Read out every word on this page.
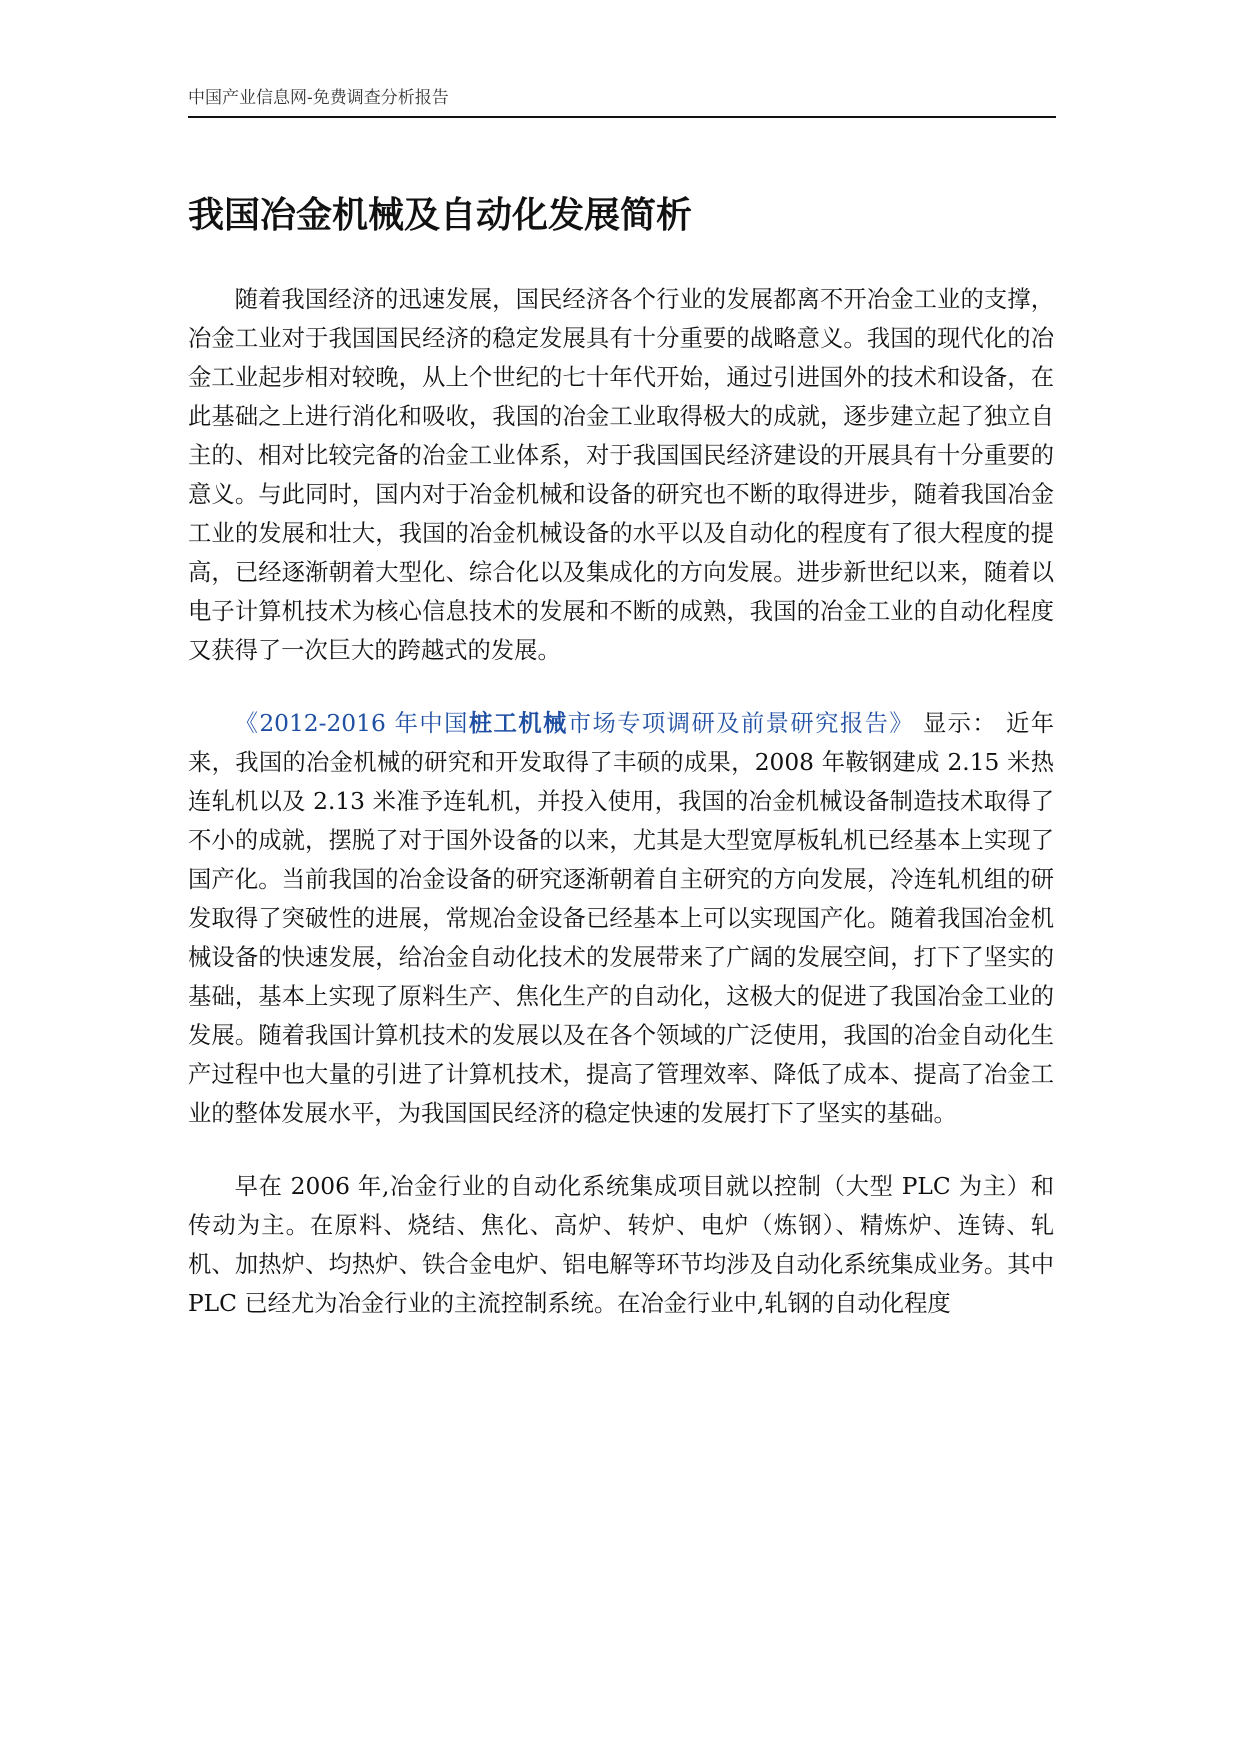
中国产业信息网-免费调查分析报告
我国冶金机械及自动化发展简析

随着我国经济的迅速发展，国民经济各个行业的发展都离不开冶金工业的支撑，冶金工业对于我国国民经济的稳定发展具有十分重要的战略意义。我国的现代化的冶金工业起步相对较晚，从上个世纪的七十年代开始，通过引进国外的技术和设备，在此基础之上进行消化和吸收，我国的冶金工业取得极大的成就，逐步建立起了独立自主的、相对比较完备的冶金工业体系，对于我国国民经济建设的开展具有十分重要的意义。与此同时，国内对于冶金机械和设备的研究也不断的取得进步，随着我国冶金工业的发展和壮大，我国的冶金机械设备的水平以及自动化的程度有了很大程度的提高，已经逐渐朝着大型化、综合化以及集成化的方向发展。进步新世纪以来，随着以电子计算机技术为核心信息技术的发展和不断的成熟，我国的冶金工业的自动化程度又获得了一次巨大的跨越式的发展。

《2012-2016 年中国桩工机械市场专项调研及前景研究报告》 显示： 近年来，我国的冶金机械的研究和开发取得了丰硕的成果，2008 年鞍钢建成 2.15 米热连轧机以及 2.13 米准予连轧机，并投入使用，我国的冶金机械设备制造技术取得了不小的成就，摆脱了对于国外设备的以来，尤其是大型宽厚板轧机已经基本上实现了国产化。当前我国的冶金设备的研究逐渐朝着自主研究的方向发展，冷连轧机组的研发取得了突破性的进展，常规冶金设备已经基本上可以实现国产化。随着我国冶金机械设备的快速发展，给冶金自动化技术的发展带来了广阔的发展空间，打下了坚实的基础，基本上实现了原料生产、焦化生产的自动化，这极大的促进了我国冶金工业的发展。随着我国计算机技术的发展以及在各个领域的广泛使用，我国的冶金自动化生产过程中也大量的引进了计算机技术，提高了管理效率、降低了成本、提高了冶金工业的整体发展水平，为我国国民经济的稳定快速的发展打下了坚实的基础。

早在 2006 年,冶金行业的自动化系统集成项目就以控制（大型 PLC 为主）和传动为主。在原料、烧结、焦化、高炉、转炉、电炉（炼钢）、精炼炉、连铸、轧机、加热炉、均热炉、铁合金电炉、铝电解等环节均涉及自动化系统集成业务。其中 PLC 已经尤为冶金行业的主流控制系统。在冶金行业中,轧钢的自动化程度
